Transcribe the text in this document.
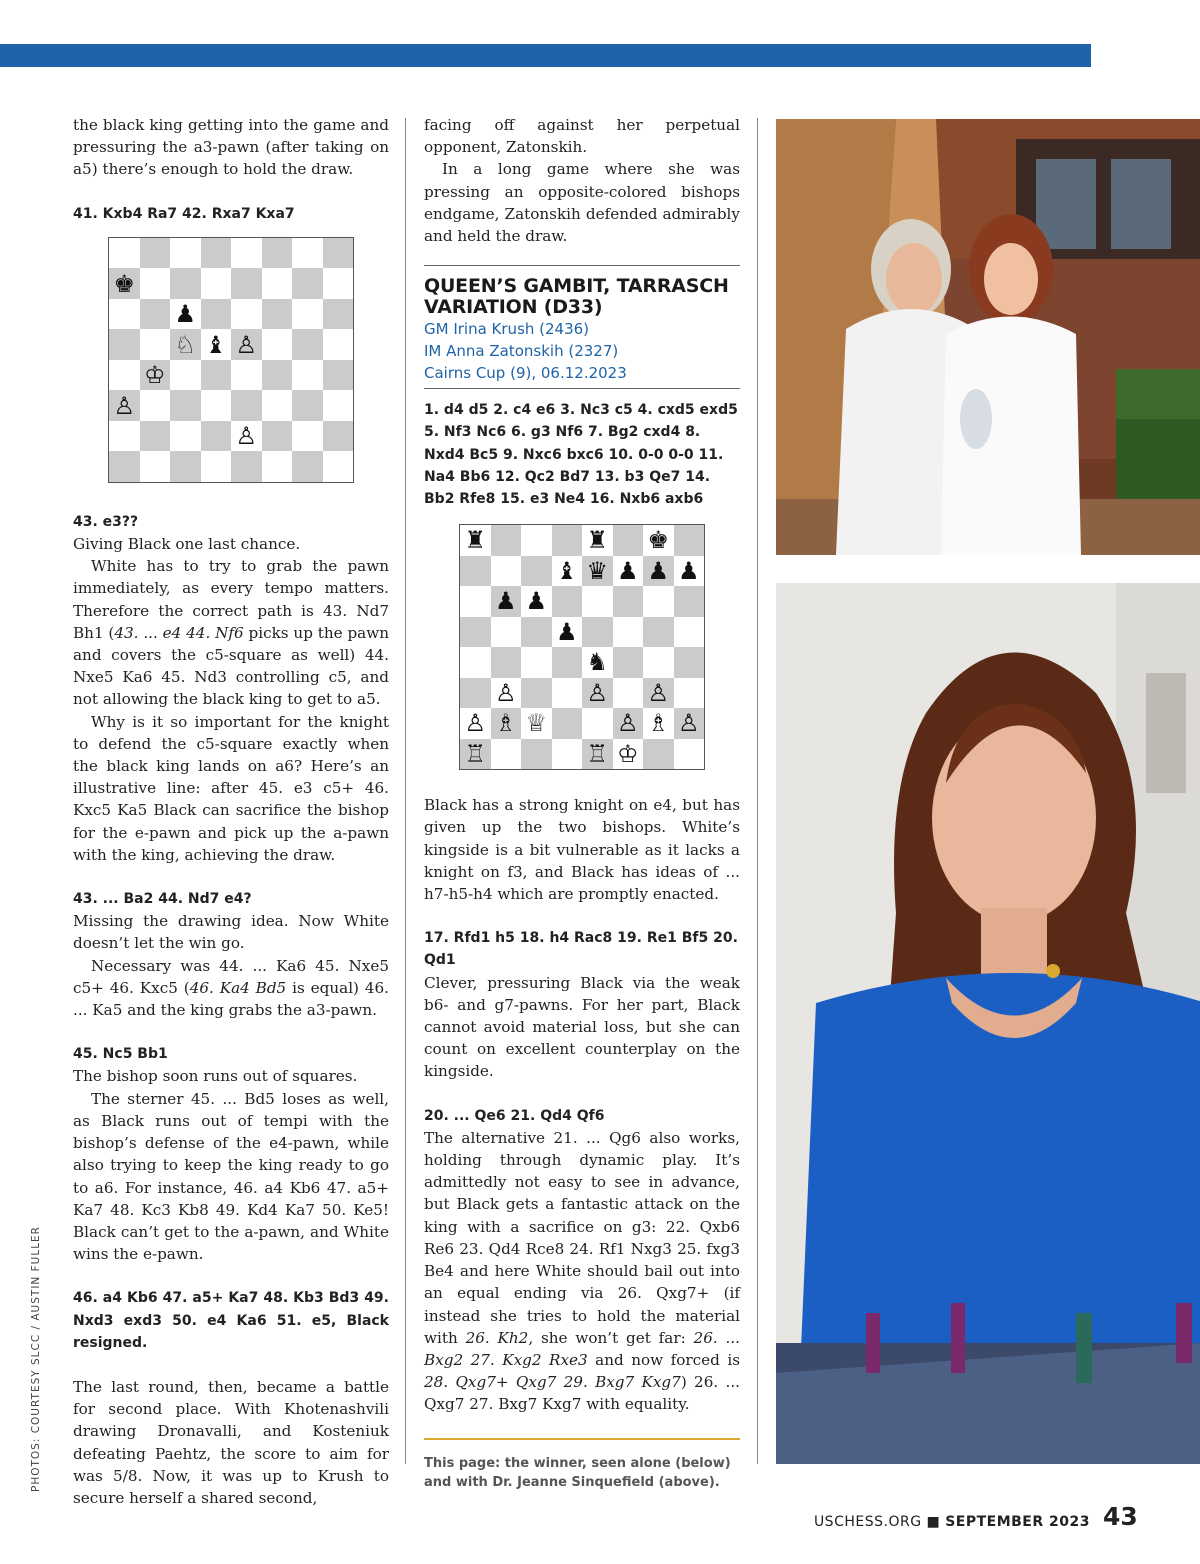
PHOTOS: COURTESY SLCC / AUSTIN FULLER

the black king getting into the game and pressuring the a3-pawn (after taking on a5) there’s enough to hold the draw.

41. Kxb4 Ra7 42. Rxa7 Kxa7

♚
♟
♘ ♝ ♙
♔
♙
♙

43. e3??

Giving Black one last chance.

White has to try to grab the pawn immediately, as every tempo matters. Therefore the correct path is 43. Nd7 Bh1 (43. ... e4 44. Nf6 picks up the pawn and covers the c5-square as well) 44. Nxe5 Ka6 45. Nd3 controlling c5, and not allowing the black king to get to a5.

Why is it so important for the knight to defend the c5-square exactly when the black king lands on a6? Here’s an illustrative line: after 45. e3 c5+ 46. Kxc5 Ka5 Black can sacrifice the bishop for the e-pawn and pick up the a-pawn with the king, achieving the draw.

43. ... Ba2 44. Nd7 e4?

Missing the drawing idea. Now White doesn’t let the win go.

Necessary was 44. ... Ka6 45. Nxe5 c5+ 46. Kxc5 (46. Ka4 Bd5 is equal) 46. ... Ka5 and the king grabs the a3-pawn.

45. Nc5 Bb1

The bishop soon runs out of squares.

The sterner 45. ... Bd5 loses as well, as Black runs out of tempi with the bishop’s defense of the e4-pawn, while also trying to keep the king ready to go to a6. For instance, 46. a4 Kb6 47. a5+ Ka7 48. Kc3 Kb8 49. Kd4 Ka7 50. Ke5! Black can’t get to the a-pawn, and White wins the e-pawn.

46. a4 Kb6 47. a5+ Ka7 48. Kb3 Bd3 49. Nxd3 exd3 50. e4 Ka6 51. e5, Black resigned.

The last round, then, became a battle for second place. With Khotenashvili drawing Dronavalli, and Kosteniuk defeating Paehtz, the score to aim for was 5/8. Now, it was up to Krush to secure herself a shared second,

facing off against her perpetual opponent, Zatonskih.

In a long game where she was pressing an opposite-colored bishops endgame, Zatonskih defended admirably and held the draw.

QUEEN’S GAMBIT, TARRASCH VARIATION (D33)
GM Irina Krush (2436)
IM Anna Zatonskih (2327)
Cairns Cup (9), 06.12.2023

1. d4 d5 2. c4 e6 3. Nc3 c5 4. cxd5 exd5 5. Nf3 Nc6 6. g3 Nf6 7. Bg2 cxd4 8. Nxd4 Bc5 9. Nxc6 bxc6 10. 0-0 0-0 11. Na4 Bb6 12. Qc2 Bd7 13. b3 Qe7 14. Bb2 Rfe8 15. e3 Ne4 16. Nxb6 axb6

♜	♜ ♚
♝ ♛ ♟ ♟ ♟
♟ ♟
♟
♞
♙	♙ ♙
♙ ♗ ♕	♙ ♗ ♙
♖	♖ ♔

Black has a strong knight on e4, but has given up the two bishops. White’s kingside is a bit vulnerable as it lacks a knight on f3, and Black has ideas of ... h7-h5-h4 which are promptly enacted.

17. Rfd1 h5 18. h4 Rac8 19. Re1 Bf5 20. Qd1

Clever, pressuring Black via the weak b6- and g7-pawns. For her part, Black cannot avoid material loss, but she can count on excellent counterplay on the kingside.

20. ... Qe6 21. Qd4 Qf6

The alternative 21. ... Qg6 also works, holding through dynamic play. It’s admittedly not easy to see in advance, but Black gets a fantastic attack on the king with a sacrifice on g3: 22. Qxb6 Re6 23. Qd4 Rce8 24. Rf1 Nxg3 25. fxg3 Be4 and here White should bail out into an equal ending via 26. Qxg7+ (if instead she tries to hold the material with 26. Kh2, she won’t get far: 26. ... Bxg2 27. Kxg2 Rxe3 and now forced is 28. Qxg7+ Qxg7 29. Bxg7 Kxg7) 26. ... Qxg7 27. Bxg7 Kxg7 with equality.

This page: the winner, seen alone (below) and with Dr. Jeanne Sinquefield (above).
USCHESS.ORG ■ SEPTEMBER 2023 43
